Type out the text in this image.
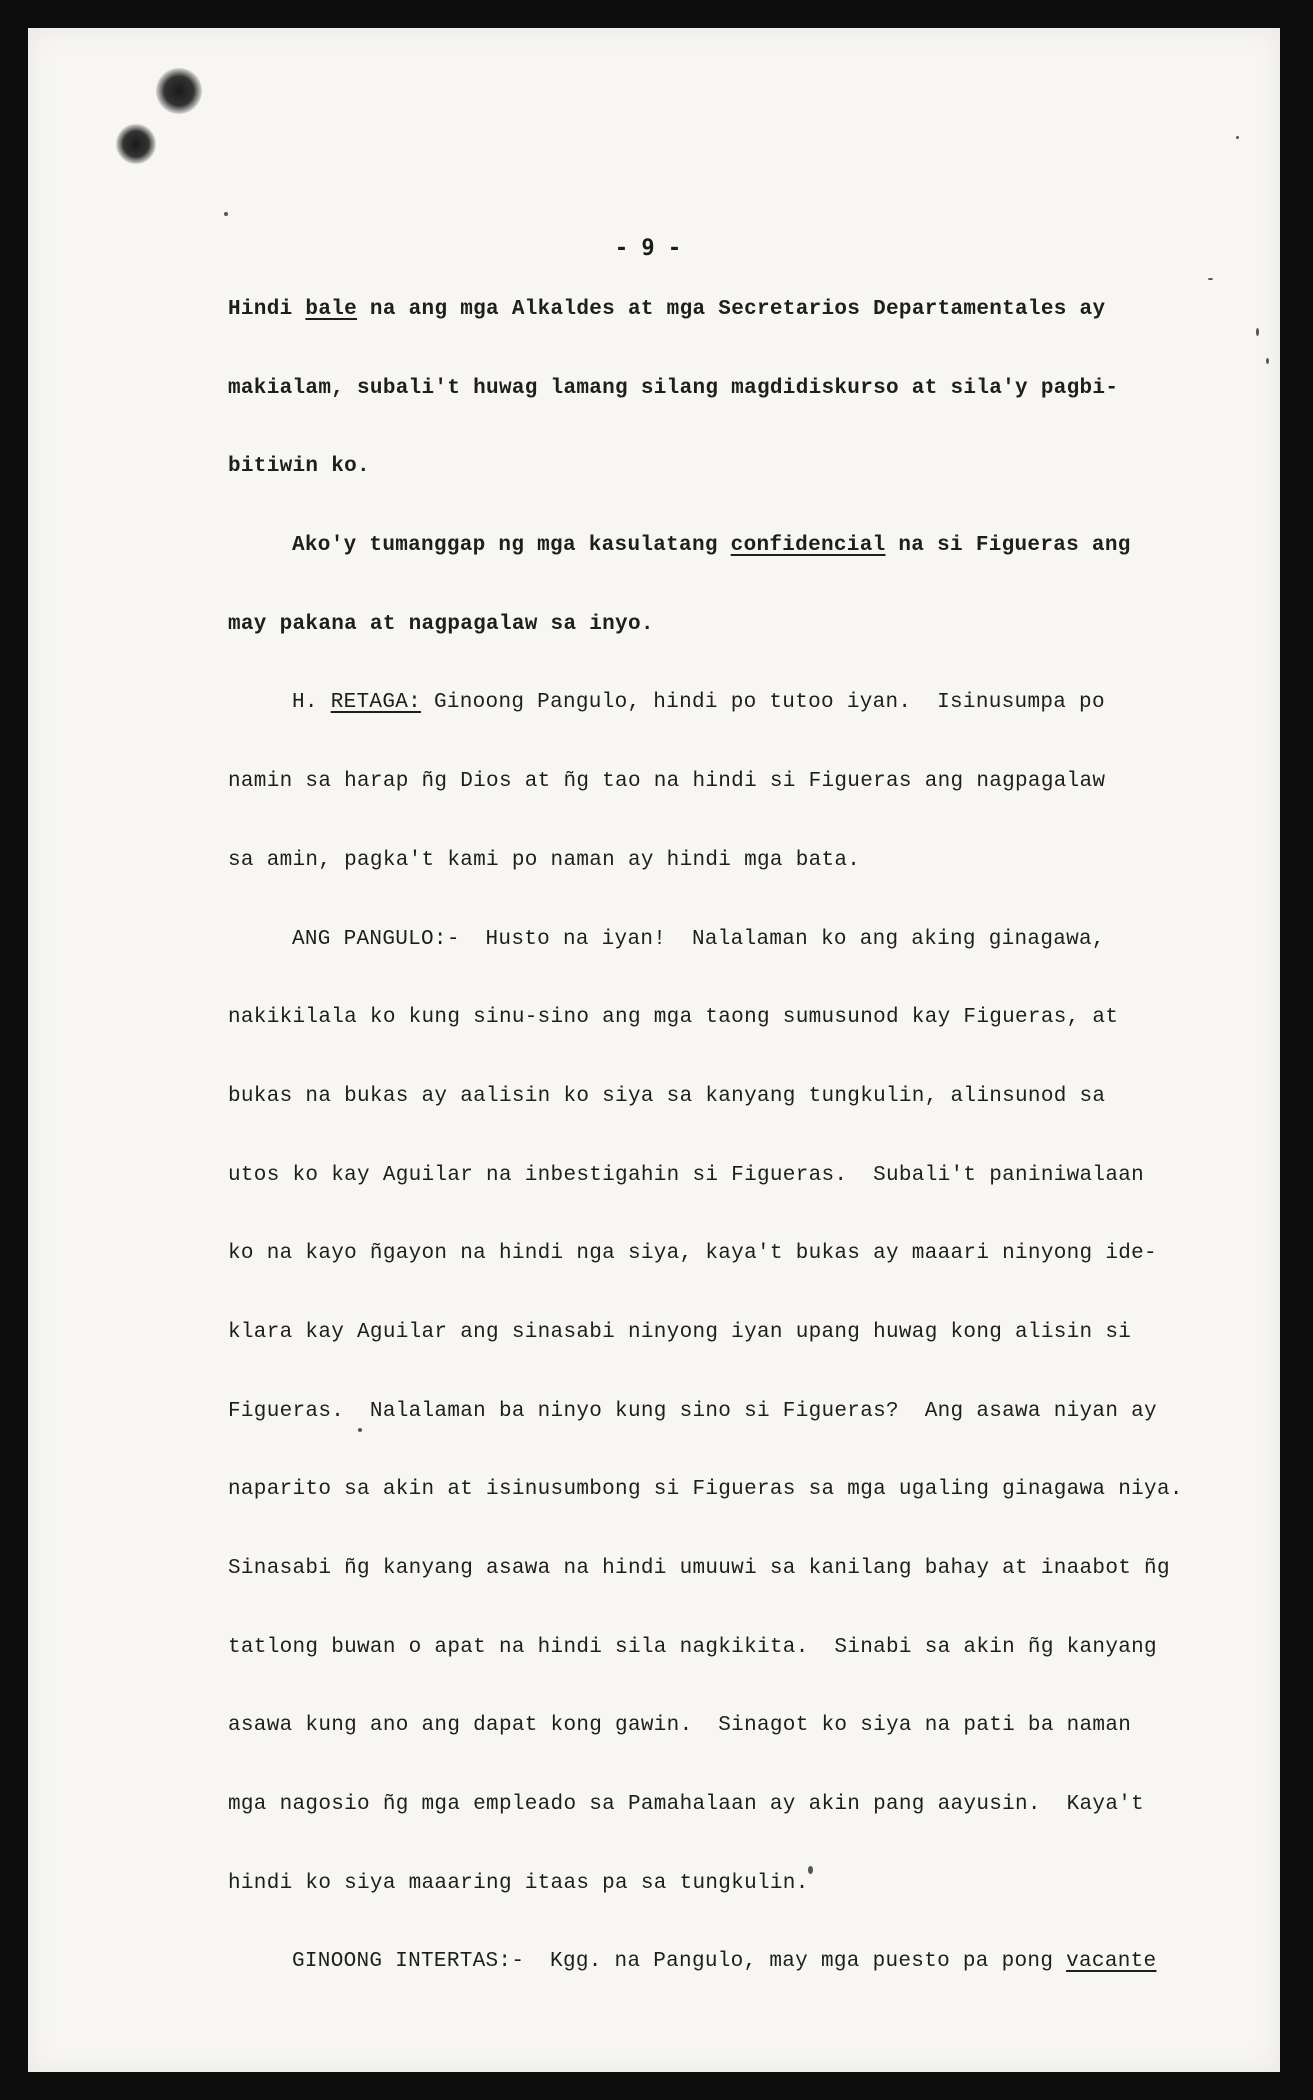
- 9 -
Hindi bale na ang mga Alkaldes at mga Secretarios Departamentales ay
makialam, subali't huwag lamang silang magdidiskurso at sila'y pagbi-
bitiwin ko.
Ako'y tumanggap ng mga kasulatang confidencial na si Figueras ang
may pakana at nagpagalaw sa inyo.
H. RETAGA: Ginoong Pangulo, hindi po tutoo iyan.  Isinusumpa po
namin sa harap ñg Dios at ñg tao na hindi si Figueras ang nagpagalaw
sa amin, pagka't kami po naman ay hindi mga bata.
ANG PANGULO:-  Husto na iyan!  Nalalaman ko ang aking ginagawa,
nakikilala ko kung sinu-sino ang mga taong sumusunod kay Figueras, at
bukas na bukas ay aalisin ko siya sa kanyang tungkulin, alinsunod sa
utos ko kay Aguilar na inbestigahin si Figueras.  Subali't paniniwalaan
ko na kayo ñgayon na hindi nga siya, kaya't bukas ay maaari ninyong ide-
klara kay Aguilar ang sinasabi ninyong iyan upang huwag kong alisin si
Figueras.  Nalalaman ba ninyo kung sino si Figueras?  Ang asawa niyan ay
naparito sa akin at isinusumbong si Figueras sa mga ugaling ginagawa niya.
Sinasabi ñg kanyang asawa na hindi umuuwi sa kanilang bahay at inaabot ñg
tatlong buwan o apat na hindi sila nagkikita.  Sinabi sa akin ñg kanyang
asawa kung ano ang dapat kong gawin.  Sinagot ko siya na pati ba naman
mga nagosio ñg mga empleado sa Pamahalaan ay akin pang aayusin.  Kaya't
hindi ko siya maaaring itaas pa sa tungkulin.
GINOONG INTERTAS:-  Kgg. na Pangulo, may mga puesto pa pong vacante
